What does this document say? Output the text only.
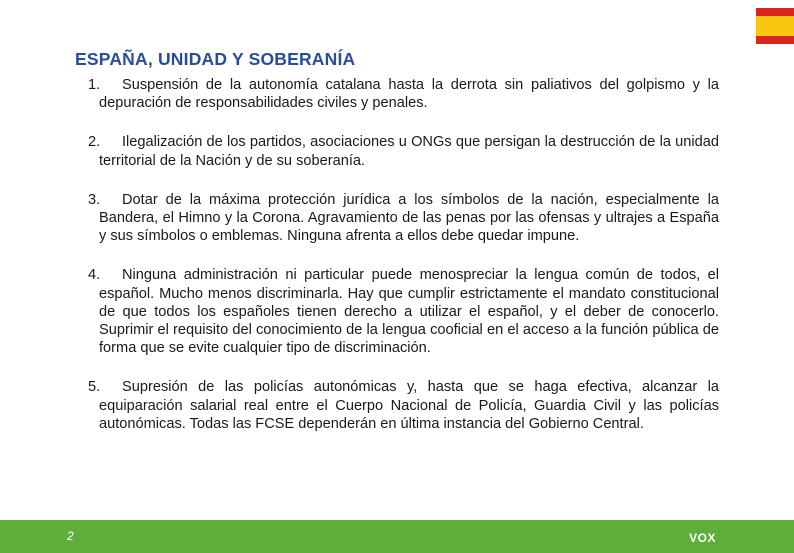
ESPAÑA, UNIDAD Y SOBERANÍA
1. Suspensión de la autonomía catalana hasta la derrota sin paliativos del golpismo y la depuración de responsabilidades civiles y penales.
2. Ilegalización de los partidos, asociaciones u ONGs que persigan la destrucción de la unidad territorial de la Nación y de su soberanía.
3. Dotar de la máxima protección jurídica a los símbolos de la nación, especialmente la Bandera, el Himno y la Corona. Agravamiento de las penas por las ofensas y ultrajes a España y sus símbolos o emblemas. Ninguna afrenta a ellos debe quedar impune.
4. Ninguna administración ni particular puede menospreciar la lengua común de todos, el español. Mucho menos discriminarla. Hay que cumplir estrictamente el mandato constitucional de que todos los españoles tienen derecho a utilizar el español, y el deber de conocerlo. Suprimir el requisito del conocimiento de la lengua cooficial en el acceso a la función pública de forma que se evite cualquier tipo de discriminación.
5. Supresión de las policías autonómicas y, hasta que se haga efectiva, alcanzar la equiparación salarial real entre el Cuerpo Nacional de Policía, Guardia Civil y las policías autonómicas. Todas las FCSE dependerán en última instancia del Gobierno Central.
2	VOX
